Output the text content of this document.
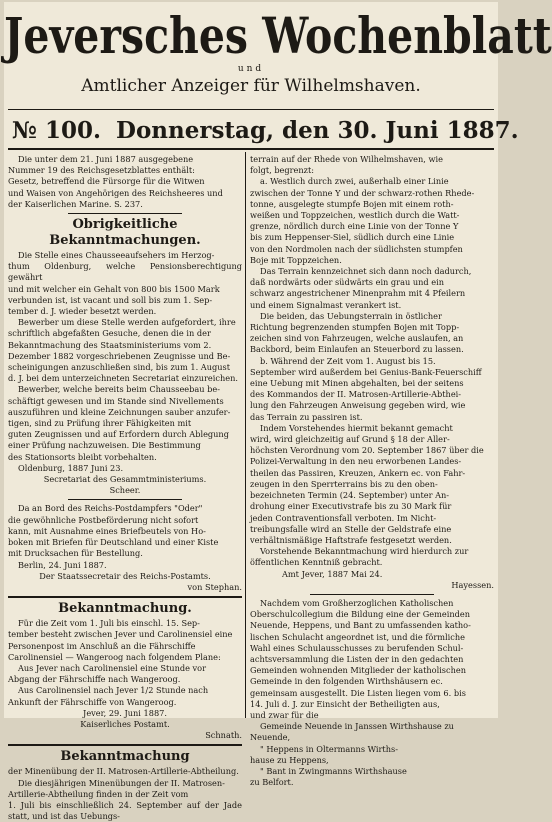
Jeversches Wochenblatt
und
Amtlicher Anzeiger für Wilhelmshaven.
№ 100. Donnerstag, den 30. Juni 1887.

Die unter dem 21. Juni 1887 ausgegebene

Nummer 19 des Reichsgesetzblattes enthält:

Gesetz, betreffend die Fürsorge für die Witwen

und Waisen von Angehörigen des Reichsheeres und

der Kaiserlichen Marine. S. 237.

Obrigkeitliche Bekanntmachungen.

Die Stelle eines Chausseeaufsehers im Herzog-

thum Oldenburg, welche Pensionsberechtigung gewährt

und mit welcher ein Gehalt von 800 bis 1500 Mark

verbunden ist, ist vacant und soll bis zum 1. Sep-

tember d. J. wieder besetzt werden.

Bewerber um diese Stelle werden aufgefordert, ihre

schriftlich abgefaßten Gesuche, denen die in der

Bekanntmachung des Staatsministeriums vom 2.

Dezember 1882 vorgeschriebenen Zeugnisse und Be-

scheinigungen anzuschließen sind, bis zum 1. August

d. J. bei dem unterzeichneten Secretariat einzureichen.

Bewerber, welche bereits beim Chausseebau be-

schäftigt gewesen und im Stande sind Nivellements

auszuführen und kleine Zeichnungen sauber anzufer-

tigen, sind zu Prüfung ihrer Fähigkeiten mit

guten Zeugnissen und auf Erfordern durch Ablegung

einer Prüfung nachzuweisen. Die Bestimmung

des Stationsorts bleibt vorbehalten.

Oldenburg, 1887 Juni 23.

Secretariat des Gesammtministeriums.

Scheer.

Da an Bord des Reichs-Postdampfers "Oder"

die gewöhnliche Postbeförderung nicht sofort

kann, mit Ausnahme eines Briefbeutels von Ho-

boken mit Briefen für Deutschland und einer Kiste

mit Drucksachen für Bestellung.

Berlin, 24. Juni 1887.

Der Staatssecretair des Reichs-Postamts.

von Stephan.

Bekanntmachung.

Für die Zeit vom 1. Juli bis einschl. 15. Sep-

tember besteht zwischen Jever und Carolinensiel eine

Personenpost im Anschluß an die Fährschiffe

Carolinensiel — Wangeroog nach folgendem Plane:

Aus Jever nach Carolinensiel eine Stunde vor

Abgang der Fährschiffe nach Wangeroog.

Aus Carolinensiel nach Jever 1/2 Stunde nach

Ankunft der Fährschiffe von Wangeroog.

Jever, 29. Juni 1887.

Kaiserliches Postamt.

Schnath.

Bekanntmachung

der Minenübung der II. Matrosen-Artillerie-Abtheilung.

Die diesjährigen Minenübungen der II. Matrosen-

Artillerie-Abtheilung finden in der Zeit vom

1. Juli bis einschließlich 24. September auf der Jade statt, und ist das Uebungs-

terrain auf der Rhede von Wilhelmshaven, wie

folgt, begrenzt:

a. Westlich durch zwei, außerhalb einer Linie

zwischen der Tonne Y und der schwarz-rothen Rhede-

tonne, ausgelegte stumpfe Bojen mit einem roth-

weißen und Toppzeichen, westlich durch die Watt-

grenze, nördlich durch eine Linie von der Tonne Y

bis zum Heppenser-Siel, südlich durch eine Linie

von den Nordmolen nach der südlichsten stumpfen

Boje mit Toppzeichen.

Das Terrain kennzeichnet sich dann noch dadurch,

daß nordwärts oder südwärts ein grau und ein

schwarz angestrichener Minenprahm mit 4 Pfeilern

und einem Signalmast verankert ist.

Die beiden, das Uebungsterrain in östlicher

Richtung begrenzenden stumpfen Bojen mit Topp-

zeichen sind von Fahrzeugen, welche auslaufen, an

Backbord, beim Einlaufen an Steuerbord zu lassen.

b. Während der Zeit vom 1. August bis 15.

September wird außerdem bei Genius-Bank-Feuerschiff

eine Uebung mit Minen abgehalten, bei der seitens

des Kommandos der II. Matrosen-Artillerie-Abthei-

lung den Fahrzeugen Anweisung gegeben wird, wie

das Terrain zu passiren ist.

Indem Vorstehendes hiermit bekannt gemacht

wird, wird gleichzeitig auf Grund § 18 der Aller-

höchsten Verordnung vom 20. September 1867 über die

Polizei-Verwaltung in den neu erworbenen Landes-

theilen das Passiren, Kreuzen, Ankern ec. von Fahr-

zeugen in den Sperrterrains bis zu den oben-

bezeichneten Termin (24. September) unter An-

drohung einer Executivstrafe bis zu 30 Mark für

jeden Contraventionsfall verboten. Im Nicht-

treibungsfalle wird an Stelle der Geldstrafe eine

verhältnismäßige Haftstrafe festgesetzt werden.

Vorstehende Bekanntmachung wird hierdurch zur

öffentlichen Kenntniß gebracht.

Amt Jever, 1887 Mai 24.

Hayessen.

Nachdem vom Großherzoglichen Katholischen

Oberschulcollegium die Bildung eine der Gemeinden

Neuende, Heppens, und Bant zu umfassenden katho-

lischen Schulacht angeordnet ist, und die förmliche

Wahl eines Schulausschusses zu berufenden Schul-

achtsversammlung die Listen der in den gedachten

Gemeinden wohnenden Mitglieder der katholischen

Gemeinde in den folgenden Wirthshäusern ec.

gemeinsam ausgestellt. Die Listen liegen vom 6. bis

14. Juli d. J. zur Einsicht der Betheiligten aus,

und zwar für die

Gemeinde Neuende in Janssen Wirthshause zu

Neuende,

" Heppens in Oltermanns Wirths-

hause zu Heppens,

" Bant in Zwingmanns Wirthshause

zu Belfort.
